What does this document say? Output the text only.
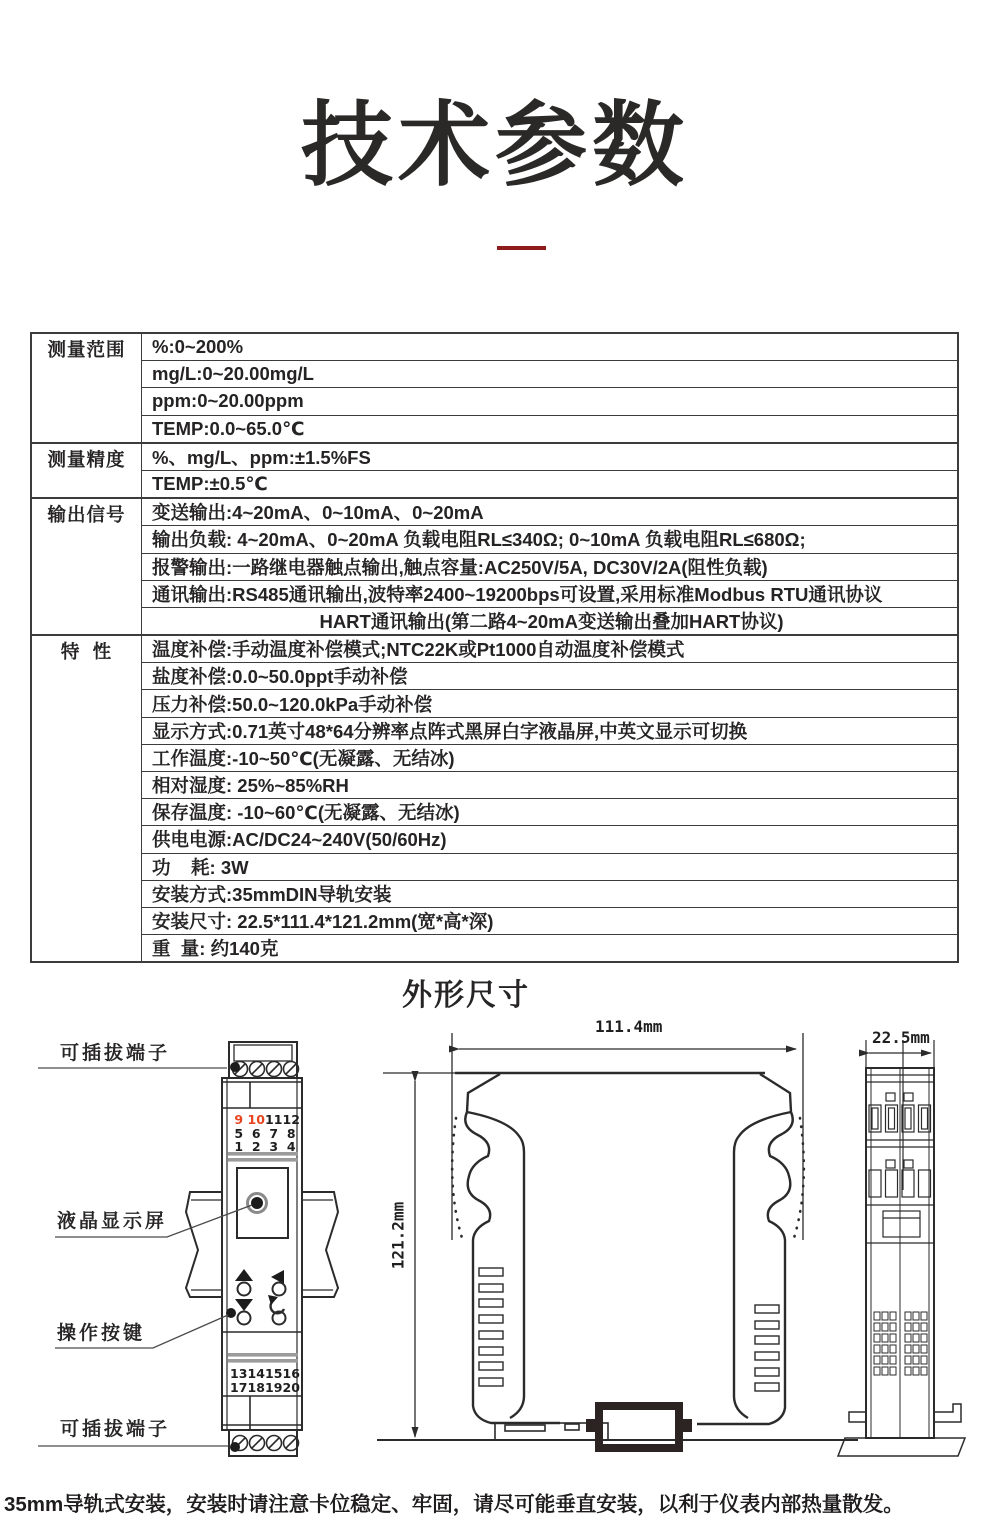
技术参数
测量范围	%:0~200%
	mg/L:0~20.00mg/L
	ppm:0~20.00ppm
	TEMP:0.0~65.0℃
测量精度	%、mg/L、ppm:±1.5%FS
	TEMP:±0.5℃
输出信号	变送输出:4~20mA、0~10mA、0~20mA
	输出负载: 4~20mA、0~20mA 负载电阻RL≤340Ω; 0~10mA 负载电阻RL≤680Ω;
	报警输出:一路继电器触点输出,触点容量:AC250V/5A, DC30V/2A(阻性负载)
	通讯输出:RS485通讯输出,波特率2400~19200bps可设置,采用标准Modbus RTU通讯协议
	HART通讯输出(第二路4~20mA变送输出叠加HART协议)
特  性	温度补偿:手动温度补偿模式;NTC22K或Pt1000自动温度补偿模式
	盐度补偿:0.0~50.0ppt手动补偿
	压力补偿:50.0~120.0kPa手动补偿
	显示方式:0.71英寸48*64分辨率点阵式黑屏白字液晶屏,中英文显示可切换
	工作温度:-10~50℃(无凝露、无结冰)
	相对湿度: 25%~85%RH
	保存温度: -10~60℃(无凝露、无结冰)
	供电电源:AC/DC24~240V(50/60Hz)
	功    耗: 3W
	安装方式:35mmDIN导轨安装
	安装尺寸: 22.5*111.4*121.2mm(宽*高*深)
	重  量: 约140克
外形尺寸
可插拔端子
液晶显示屏
操作按键
可插拔端子
111.4mm
22.5mm
121.2mm
9 10 11 12
5 6 7 8
1 2 3 4
13 14 15 16
17 18 19 20
35mm导轨式安装，安装时请注意卡位稳定、牢固，请尽可能垂直安装，以利于仪表内部热量散发。
